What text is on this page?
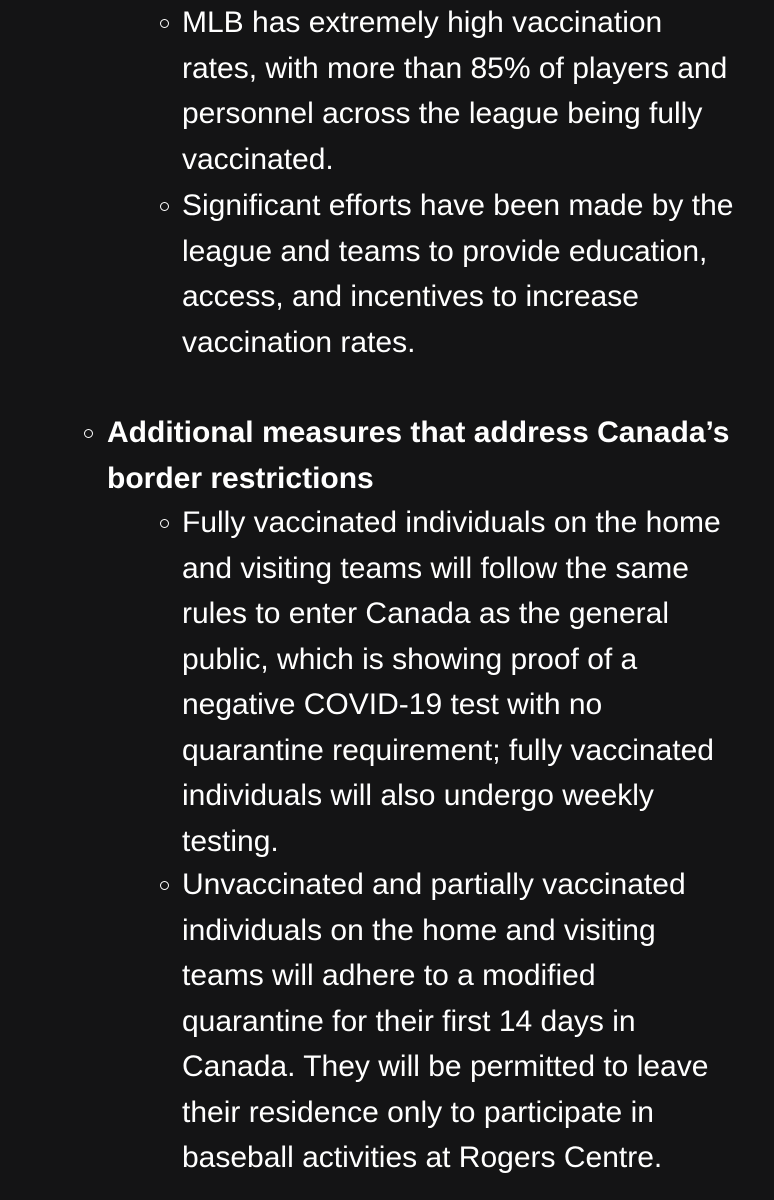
MLB has extremely high vaccination
rates, with more than 85% of players and
personnel across the league being fully
vaccinated.
Significant efforts have been made by the
league and teams to provide education,
access, and incentives to increase
vaccination rates.
Additional measures that address Canada’s
border restrictions
Fully vaccinated individuals on the home
and visiting teams will follow the same
rules to enter Canada as the general
public, which is showing proof of a
negative COVID-19 test with no
quarantine requirement; fully vaccinated
individuals will also undergo weekly
testing.
Unvaccinated and partially vaccinated
individuals on the home and visiting
teams will adhere to a modified
quarantine for their first 14 days in
Canada. They will be permitted to leave
their residence only to participate in
baseball activities at Rogers Centre.
